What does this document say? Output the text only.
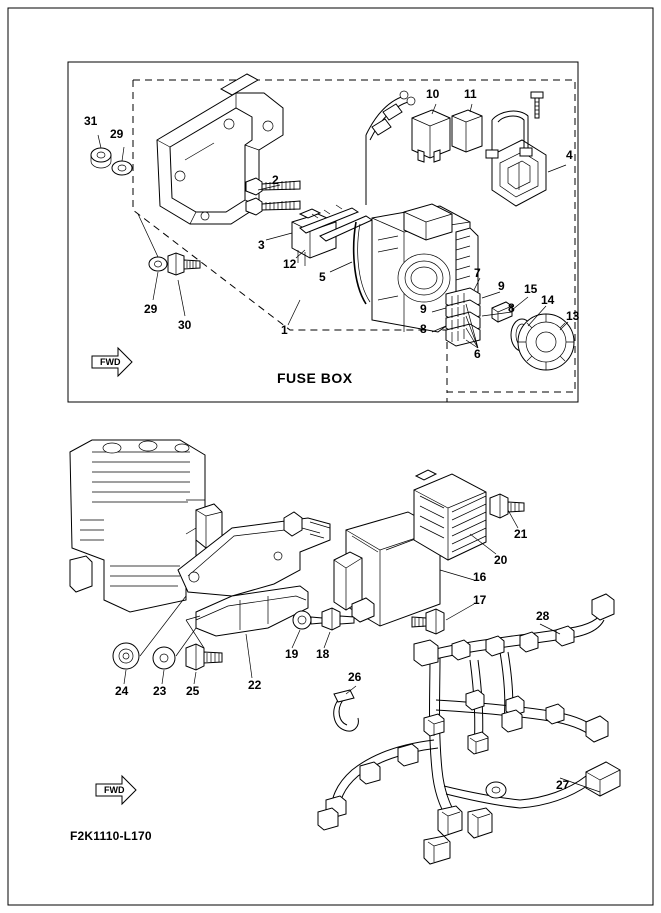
31
29
2
10 11
4
3
12
5
29
30	1
7
9
9	8
8
15
14
13
6
21
20
16
17
28
19 18
22
24 23 25
26
27
FUSE BOX
F2K1110-L170
FWD
FWD
